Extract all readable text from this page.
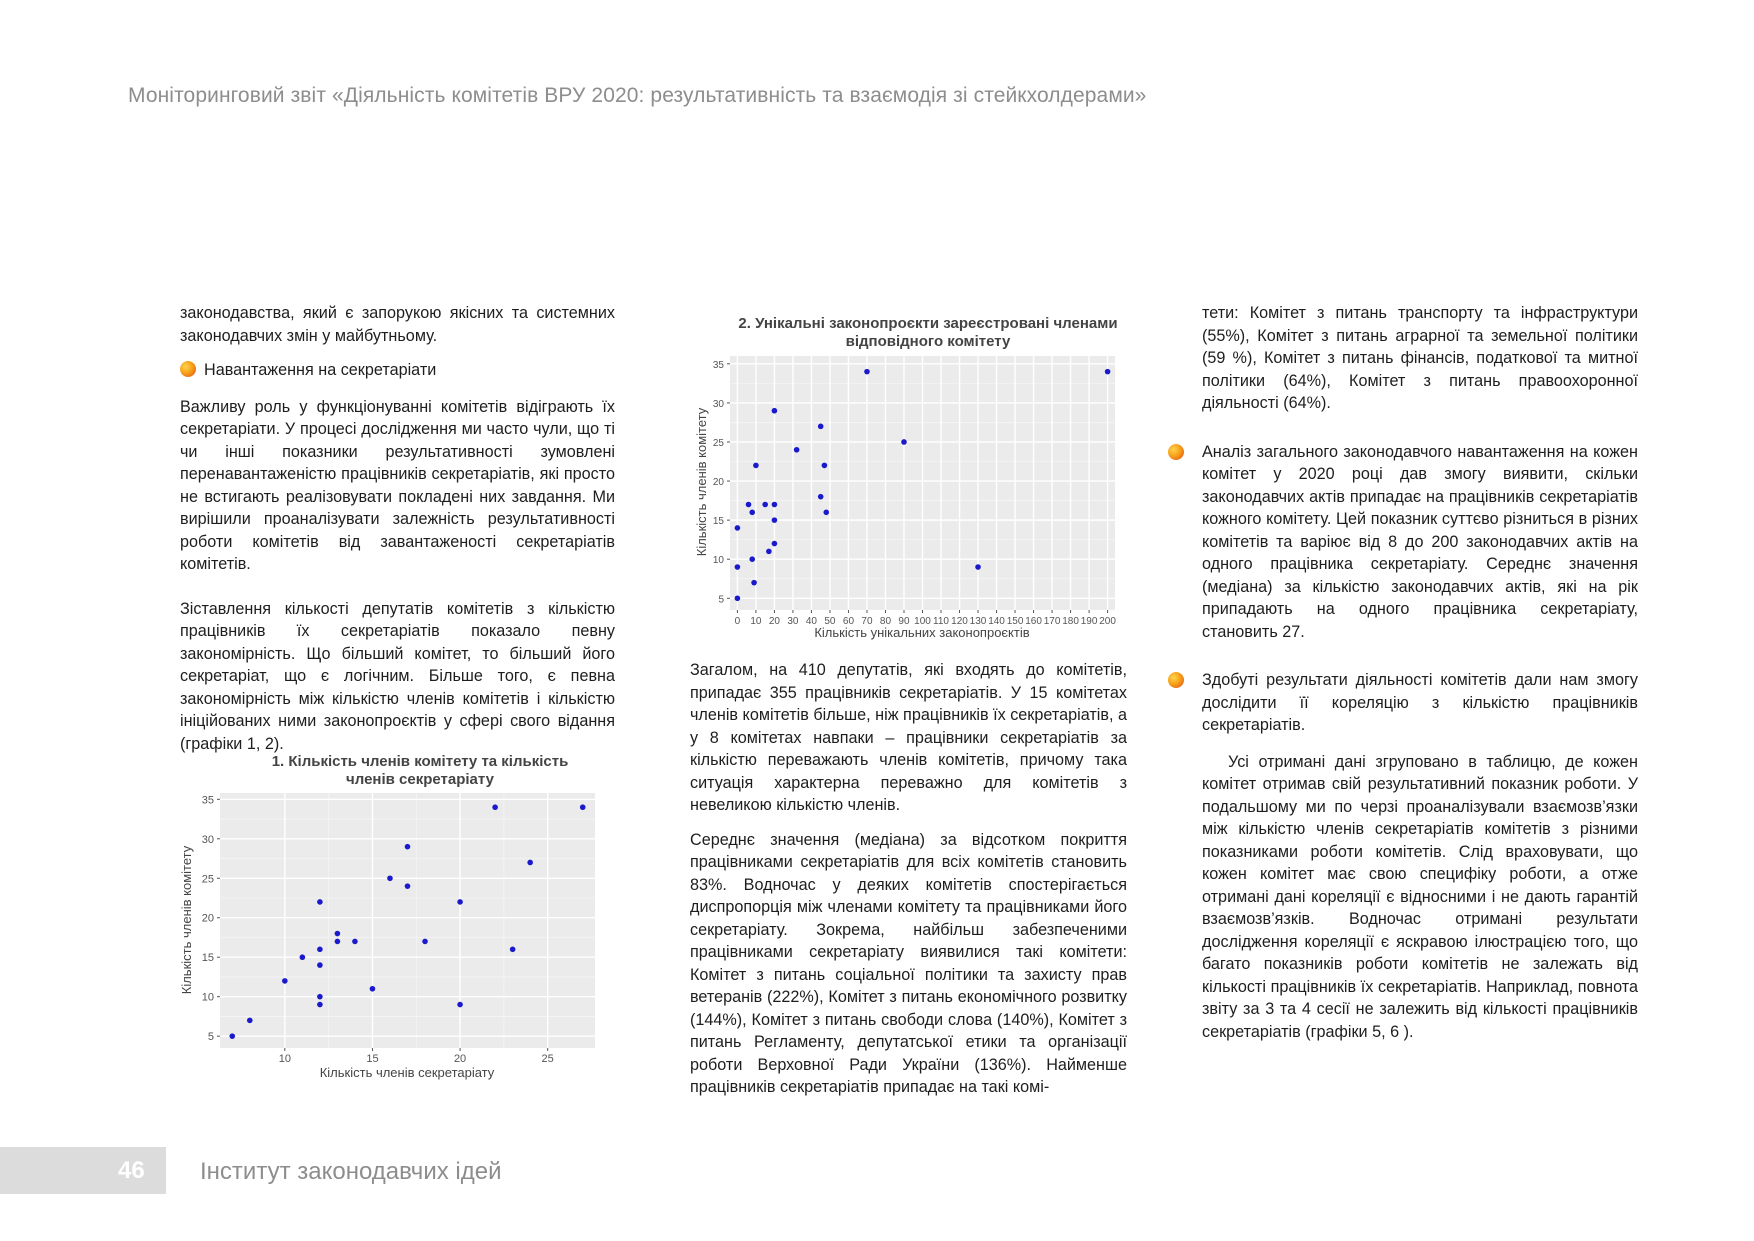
Моніторинговий звіт «Діяльність комітетів ВРУ 2020: результативність та взаємодія зі стейкхолдерами»

законодавства, який є запорукою якісних та системних законодавчих змін у майбутньому.

Навантаження на секретаріати

Важливу роль у функціонуванні комітетів відіграють їх секретаріати. У процесі дослідження ми часто чули, що ті чи інші показники результативності зумовлені перенавантаженістю працівників секретаріатів, які просто не встигають реалізовувати покладені них завдання. Ми вирішили проаналізувати залежність результативності роботи комітетів від завантаженості секретаріатів комітетів.

Зіставлення кількості депутатів комітетів з кількістю працівників їх секретаріатів показало певну закономірність. Що більший комітет, то більший його секретаріат, що є логічним. Більше того, є певна закономірність між кількістю членів комітетів і кількістю ініційованих ними законопроєктів у сфері свого відання (графіки 1, 2).

1. Кількість членів комітету та кількість
членів секретаріату
5
10
15
20
25
30
35
10	15	20	25
Кількість членів секретаріату
Кількість членів комітету
2. Унікальні законопроєкти зареєстровані членами
відповідного комітету
5
10
15
20
25
30
35
0 10 20 30 40 50 60 70 80 90 100 110 120 130 140 150 160 170 180 190 200
Кількість унікальних законопроєктів
Кількість членів комітету

Загалом, на 410 депутатів, які входять до комітетів, припадає 355 працівників секретаріатів. У 15 комітетах членів комітетів більше, ніж працівників їх секретаріатів, а у 8 комітетах навпаки – працівники секретаріатів за кількістю переважають членів комітетів, причому така ситуація характерна переважно для комітетів з невеликою кількістю членів.

Середнє значення (медіана) за відсотком покриття працівниками секретаріатів для всіх комітетів становить 83%. Водночас у деяких комітетів спостерігається диспропорція між членами комітету та працівниками його секретаріату. Зокрема, найбільш забезпеченими працівниками секретаріату виявилися такі комітети: Комітет з питань соціальної політики та захисту прав ветеранів (222%), Комітет з питань економічного розвитку (144%), Комітет з питань свободи слова (140%), Комітет з питань Регламенту, депутатської етики та організації роботи Верховної Ради України (136%). Найменше працівників секретаріатів припадає на такі комі-

тети: Комітет з питань транспорту та інфраструктури (55%), Комітет з питань аграрної та земельної політики (59 %), Комітет з питань фінансів, податкової та митної політики (64%), Комітет з питань правоохоронної діяльності (64%).

Аналіз загального законодавчого навантаження на кожен комітет у 2020 році дав змогу виявити, скільки законодавчих актів припадає на працівників секретаріатів кожного комітету. Цей показник суттєво різниться в різних комітетів та варіює від 8 до 200 законодавчих актів на одного працівника секретаріату. Середнє значення (медіана) за кількістю законодавчих актів, які на рік припадають на одного працівника секретаріату, становить 27.

Здобуті результати діяльності комітетів дали нам змогу дослідити її кореляцію з кількістю працівників секретаріатів.

Усі отримані дані згруповано в таблицю, де кожен комітет отримав свій результативний показник роботи. У подальшому ми по черзі проаналізували взаємозв’язки між кількістю членів секретаріатів комітетів з різними показниками роботи комітетів. Слід враховувати, що кожен комітет має свою специфіку роботи, а отже отримані дані кореляції є відносними і не дають гарантій взаємозв’язків. Водночас отримані результати дослідження кореляції є яскравою ілюстрацією того, що багато показників роботи комітетів не залежать від кількості працівників їх секретаріатів. Наприклад, повнота звіту за 3 та 4 сесії не залежить від кількості працівників секретаріатів (графіки 5, 6 ).

46 Інститут законодавчих ідей
